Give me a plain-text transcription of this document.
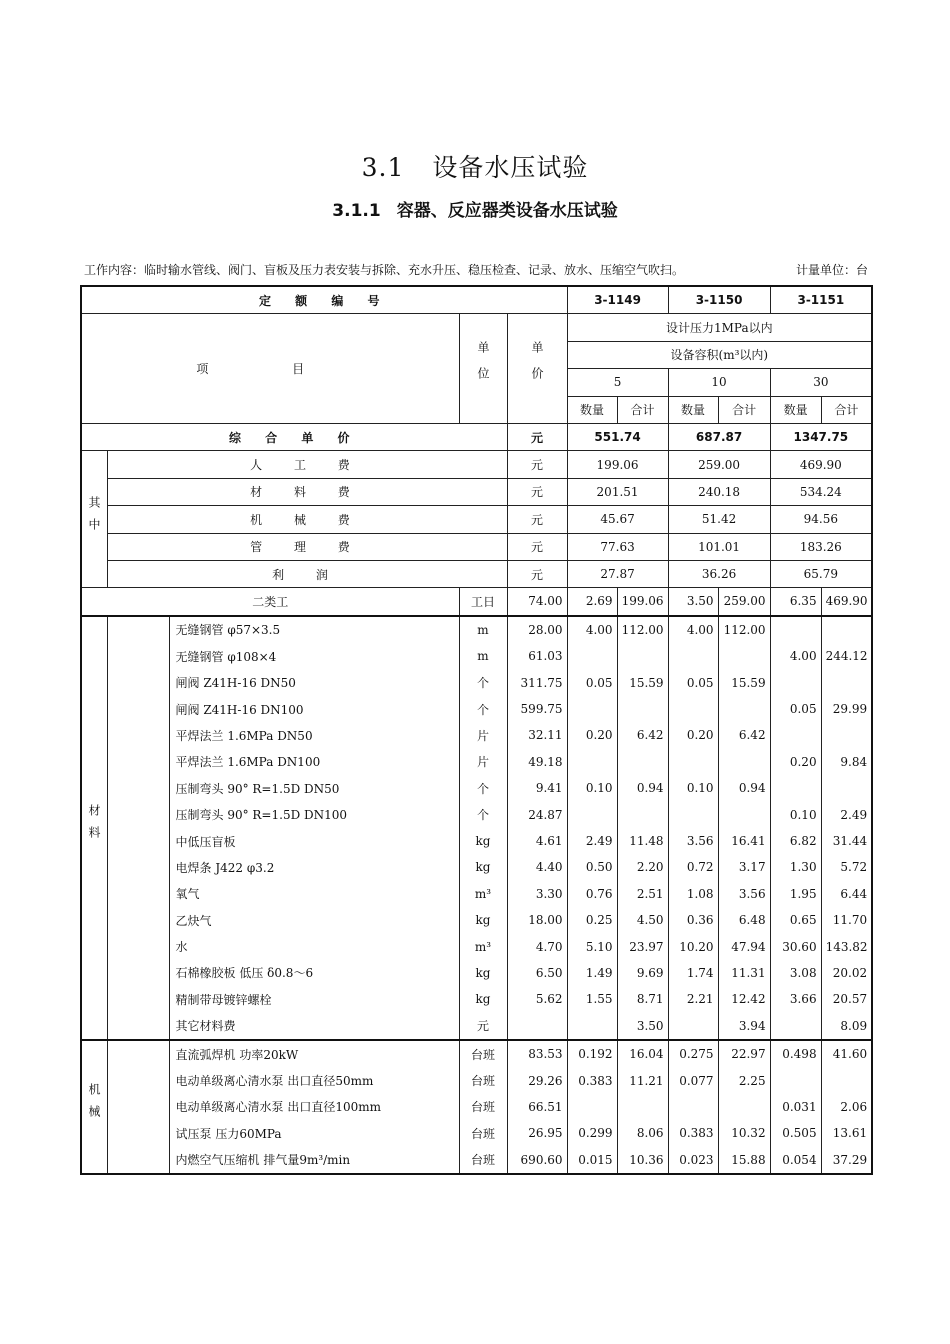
3.1 设备水压试验
3.1.1 容器、反应器类设备水压试验
工作内容：临时输水管线、阀门、盲板及压力表安装与拆除、充水升压、稳压检查、记录、放水、压缩空气吹扫。	计量单位：台
定 额 编 号					3-1149		3-1150		3-1151	
项 目			单位	单价	设计压力1MPa以内					
					设备容积(m³以内)					
					5		10		30	
					数量	合计	数量	合计	数量	合计
综 合 单 价				元	551.74		687.87		1347.75	
其中	人 工 费			元	199.06		259.00		469.90	
	材 料 费			元	201.51		240.18		534.24	
	机 械 费			元	45.67		51.42		94.56	
	管 理 费			元	77.63		101.01		183.26	
	利 润			元	27.87		36.26		65.79	
二类工			工日	74.00	2.69	199.06	3.50	259.00	6.35	469.90
材料		无缝钢管 φ57×3.5	m	28.00	4.00	112.00	4.00	112.00		
		无缝钢管 φ108×4	m	61.03					4.00	244.12
		闸阀 Z41H-16 DN50	个	311.75	0.05	15.59	0.05	15.59		
		闸阀 Z41H-16 DN100	个	599.75					0.05	29.99
		平焊法兰 1.6MPa DN50	片	32.11	0.20	6.42	0.20	6.42		
		平焊法兰 1.6MPa DN100	片	49.18					0.20	9.84
		压制弯头 90° R=1.5D DN50	个	9.41	0.10	0.94	0.10	0.94		
		压制弯头 90° R=1.5D DN100	个	24.87					0.10	2.49
		中低压盲板	kg	4.61	2.49	11.48	3.56	16.41	6.82	31.44
		电焊条 J422 φ3.2	kg	4.40	0.50	2.20	0.72	3.17	1.30	5.72
		氧气	m³	3.30	0.76	2.51	1.08	3.56	1.95	6.44
		乙炔气	kg	18.00	0.25	4.50	0.36	6.48	0.65	11.70
		水	m³	4.70	5.10	23.97	10.20	47.94	30.60	143.82
		石棉橡胶板 低压 δ0.8～6	kg	6.50	1.49	9.69	1.74	11.31	3.08	20.02
		精制带母镀锌螺栓	kg	5.62	1.55	8.71	2.21	12.42	3.66	20.57
		其它材料费	元			3.50		3.94		8.09
机械		直流弧焊机 功率20kW	台班	83.53	0.192	16.04	0.275	22.97	0.498	41.60
		电动单级离心清水泵 出口直径50mm	台班	29.26	0.383	11.21	0.077	2.25		
		电动单级离心清水泵 出口直径100mm	台班	66.51					0.031	2.06
		试压泵 压力60MPa	台班	26.95	0.299	8.06	0.383	10.32	0.505	13.61
		内燃空气压缩机 排气量9m³/min	台班	690.60	0.015	10.36	0.023	15.88	0.054	37.29
